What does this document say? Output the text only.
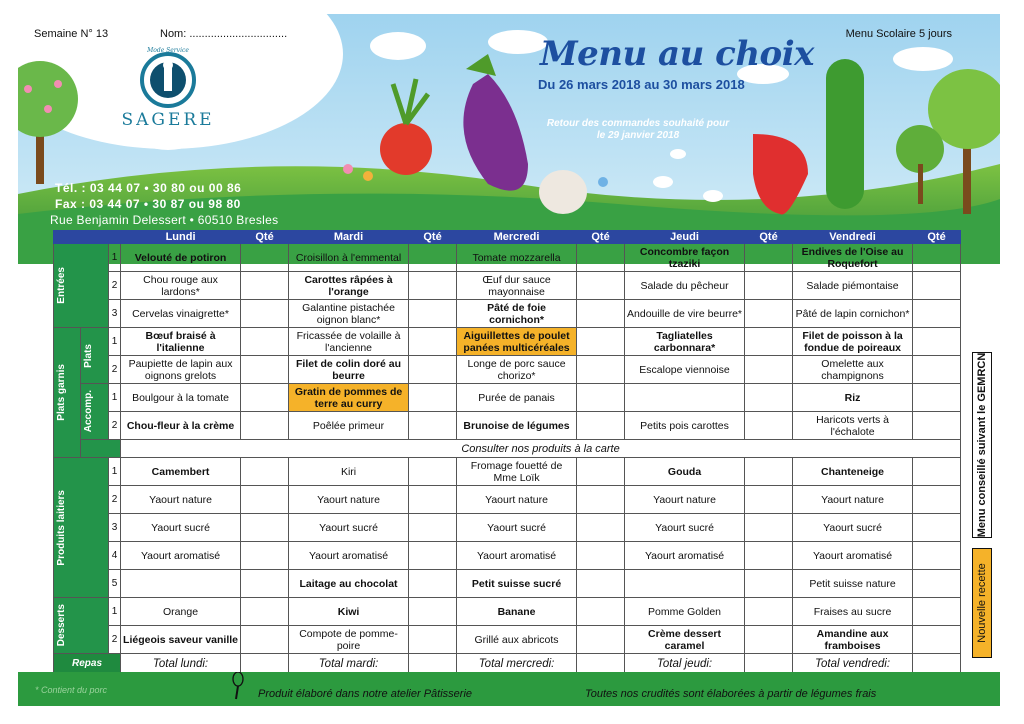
SAGERE
Mode Service
Semaine N° 13	Nom: ................................	Menu Scolaire 5 jours
Menu au choix
Du 26 mars 2018 au 30 mars 2018
Retour des commandes souhaité pour le 29 janvier 2018
Tél. : 03 44 07 • 30 80 ou 00 86
Fax : 03 44 07 • 30 87 ou 98 80
Rue Benjamin Delessert • 60510 Bresles
			Lundi	Qté	Mardi	Qté	Mercredi	Qté	Jeudi	Qté	Vendredi	Qté

Entrées		1	Velouté de potiron		Croisillon à l'emmental		Tomate mozzarella		Concombre façon tzaziki		Endives de l'Oise au Roquefort	
		2	Chou rouge aux lardons*		Carottes râpées à l'orange		Œuf dur sauce mayonnaise		Salade du pêcheur		Salade piémontaise	
		3	Cervelas vinaigrette*		Galantine pistachée oignon blanc*		Pâté de foie cornichon*		Andouille de vire beurre*		Pâté de lapin cornichon*	

Plats garnis	Plats	1	Bœuf braisé à l'italienne		Fricassée de volaille à l'ancienne		Aiguillettes de poulet panées multicéréales		Tagliatelles carbonnara*		Filet de poisson à la fondue de poireaux	
		2	Paupiette de lapin aux oignons grelots		Filet de colin doré au beurre		Longe de porc sauce chorizo*		Escalope viennoise		Omelette aux champignons	

	Accomp.	1	Boulgour à la tomate		Gratin de pommes de terre au curry		Purée de panais				Riz	
		2	Chou-fleur à la crème		Poêlée primeur		Brunoise de légumes		Petits pois carottes		Haricots verts à l'échalote	
			Consulter nos produits à la carte									

Produits laitiers		1	Camembert		Kiri		Fromage fouetté de Mme Loïk		Gouda		Chanteneige	
		2	Yaourt nature		Yaourt nature		Yaourt nature		Yaourt nature		Yaourt nature	
		3	Yaourt sucré		Yaourt sucré		Yaourt sucré		Yaourt sucré		Yaourt sucré	
		4	Yaourt aromatisé		Yaourt aromatisé		Yaourt aromatisé		Yaourt aromatisé		Yaourt aromatisé	
		5			Laitage au chocolat		Petit suisse sucré				Petit suisse nature	

Desserts		1	Orange		Kiwi		Banane		Pomme Golden		Fraises au sucre	
		2	Liégeois saveur vanille		Compote de pomme-poire		Grillé aux abricots		Crème dessert caramel		Amandine aux framboises	
Repas			Total lundi:		Total mardi:		Total mercredi:		Total jeudi:		Total vendredi:	
Menu conseillé suivant le GEMRCN
Nouvelle recette
* Contient du porc	Produit élaboré dans notre atelier Pâtisserie	Toutes nos crudités sont élaborées à partir de légumes frais
